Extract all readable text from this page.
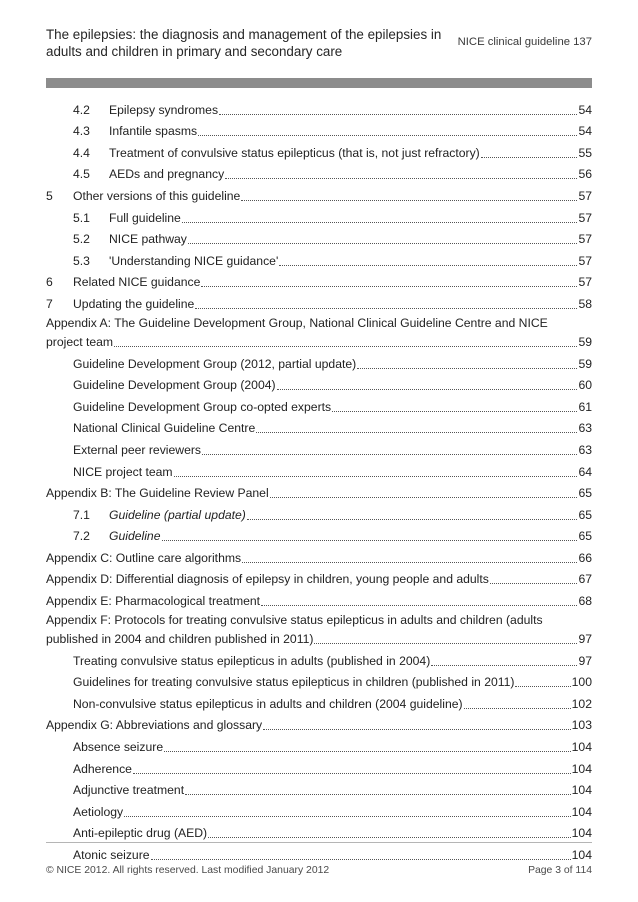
The epilepsies: the diagnosis and management of the epilepsies in adults and children in primary and secondary care
NICE clinical guideline 137
4.2	Epilepsy syndromes	54
4.3	Infantile spasms	54
4.4	Treatment of convulsive status epilepticus (that is, not just refractory)	55
4.5	AEDs and pregnancy	56
5	Other versions of this guideline	57
5.1	Full guideline	57
5.2	NICE pathway	57
5.3	'Understanding NICE guidance'	57
6	Related NICE guidance	57
7	Updating the guideline	58
Appendix A: The Guideline Development Group, National Clinical Guideline Centre and NICE
project team	59
Guideline Development Group (2012, partial update)	59
Guideline Development Group (2004)	60
Guideline Development Group co-opted experts	61
National Clinical Guideline Centre	63
External peer reviewers	63
NICE project team	64
Appendix B: The Guideline Review Panel	65
7.1	Guideline (partial update)	65
7.2	Guideline	65
Appendix C: Outline care algorithms	66
Appendix D: Differential diagnosis of epilepsy in children, young people and adults	67
Appendix E: Pharmacological treatment	68
Appendix F: Protocols for treating convulsive status epilepticus in adults and children (adults
published in 2004 and children published in 2011)	97
Treating convulsive status epilepticus in adults (published in 2004)	97
Guidelines for treating convulsive status epilepticus in children (published in 2011)	100
Non-convulsive status epilepticus in adults and children (2004 guideline)	102
Appendix G: Abbreviations and glossary	103
Absence seizure	104
Adherence	104
Adjunctive treatment	104
Aetiology	104
Anti-epileptic drug (AED)	104
Atonic seizure	104
© NICE 2012. All rights reserved. Last modified January 2012	Page 3 of 114
